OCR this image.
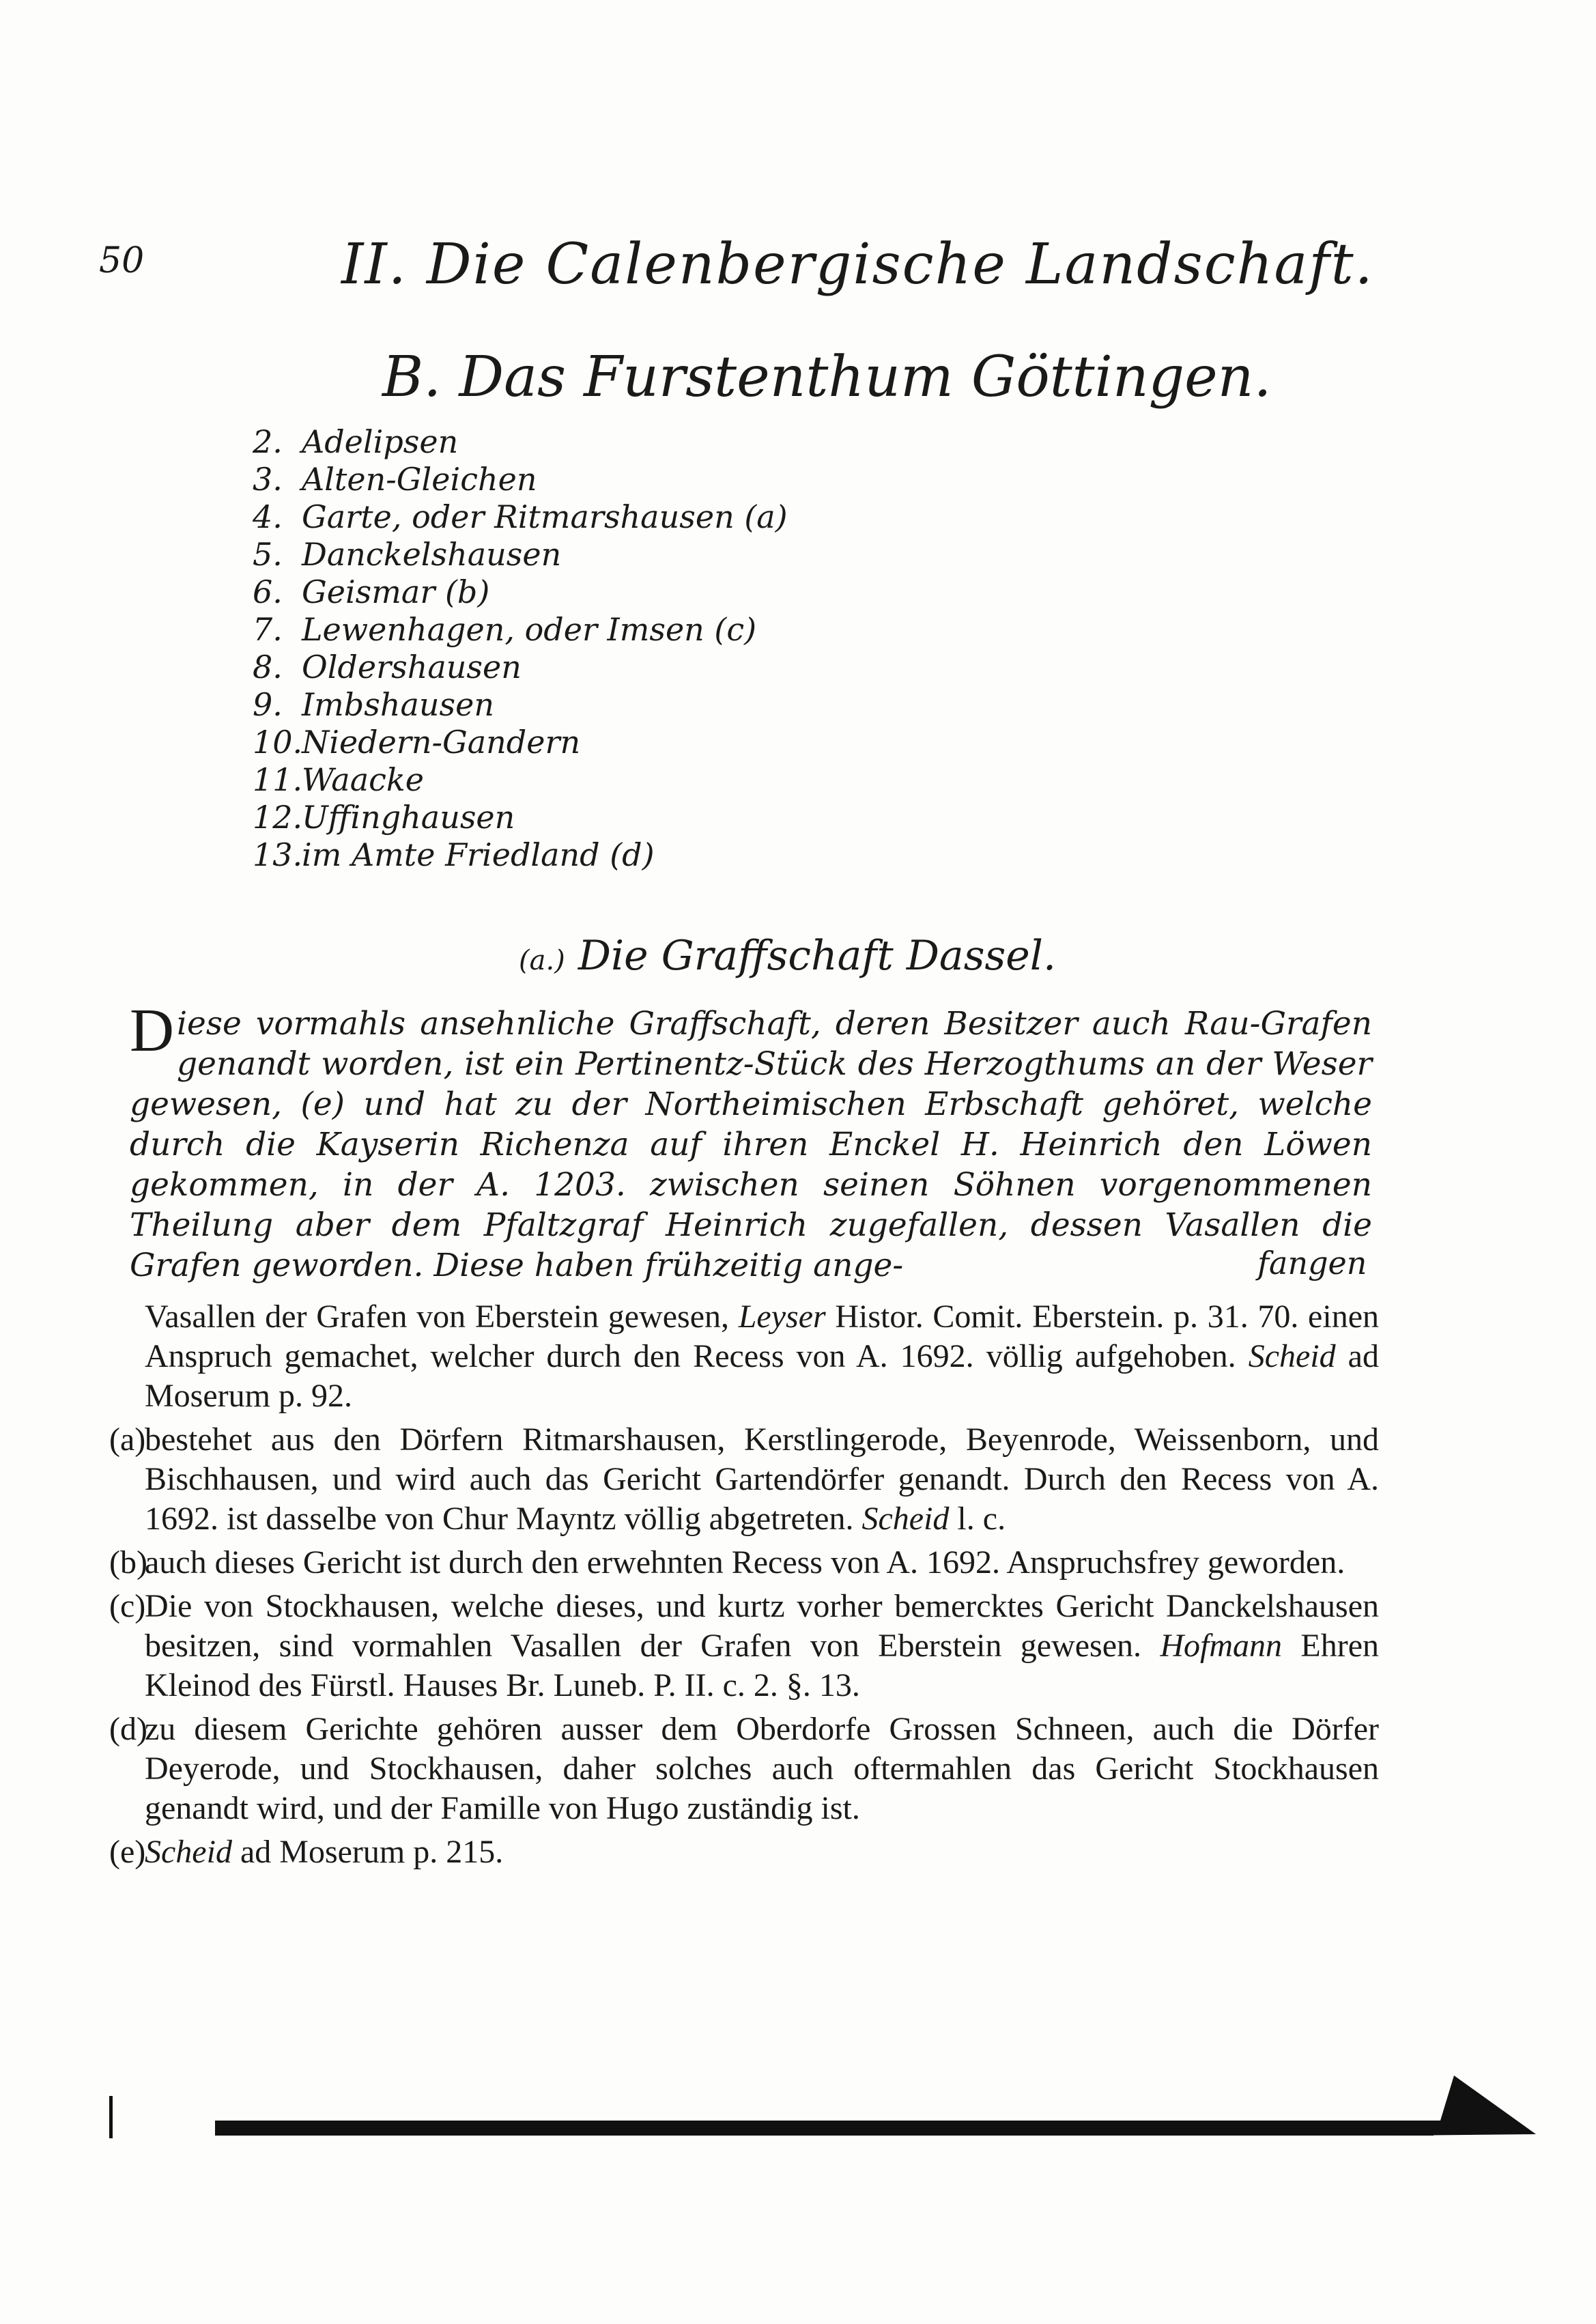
50	II. Die Calenbergische Landschaft.
B. Das Furstenthum Göttingen.
2. Adelipsen
3. Alten-Gleichen
4. Garte, oder Ritmarshausen (a)
5. Danckelshausen
6. Geismar (b)
7. Lewenhagen, oder Imsen (c)
8. Oldershausen
9. Imbshausen
10.Niedern-Gandern
11.Waacke
12.Uffinghausen
13.im Amte Friedland (d)
(a.) Die Graffschaft Dassel.

Diese vormahls ansehnliche Graffschaft, deren Besitzer auch Rau-Grafen genandt worden, ist ein Pertinentz-Stück des Herzogthums an der Weser gewesen, (e) und hat zu der Northeimischen Erbschaft gehöret, welche durch die Kayserin Richenza auf ihren Enckel H. Heinrich den Löwen gekommen, in der A. 1203. zwischen seinen Söhnen vorgenommenen Theilung aber dem Pfaltzgraf Heinrich zugefallen, dessen Vasallen die Grafen geworden. Diese haben frühzeitig ange-	fangen

Vasallen der Grafen von Eberstein gewesen, Leyser Histor. Comit. Eberstein. p. 31. 70. einen Anspruch gemachet, welcher durch den Recess von A. 1692. völlig aufgehoben. Scheid ad Moserum p. 92.

(a)
bestehet aus den Dörfern Ritmarshausen, Kerstlingerode, Beyenrode, Weissenborn, und Bischhausen, und wird auch das Gericht Gartendörfer genandt. Durch den Recess von A. 1692. ist dasselbe von Chur Mayntz völlig abgetreten. Scheid l. c.

(b)
auch dieses Gericht ist durch den erwehnten Recess von A. 1692. Anspruchsfrey geworden.

(c)
Die von Stockhausen, welche dieses, und kurtz vorher bemercktes Gericht Danckelshausen besitzen, sind vormahlen Vasallen der Grafen von Eberstein gewesen. Hofmann Ehren Kleinod des Fürstl. Hauses Br. Luneb. P. II. c. 2. §. 13.

(d)
zu diesem Gerichte gehören ausser dem Oberdorfe Grossen Schneen, auch die Dörfer Deyerode, und Stockhausen, daher solches auch oftermahlen das Gericht Stockhausen genandt wird, und der Famille von Hugo zuständig ist.

(e)
Scheid ad Moserum p. 215.
